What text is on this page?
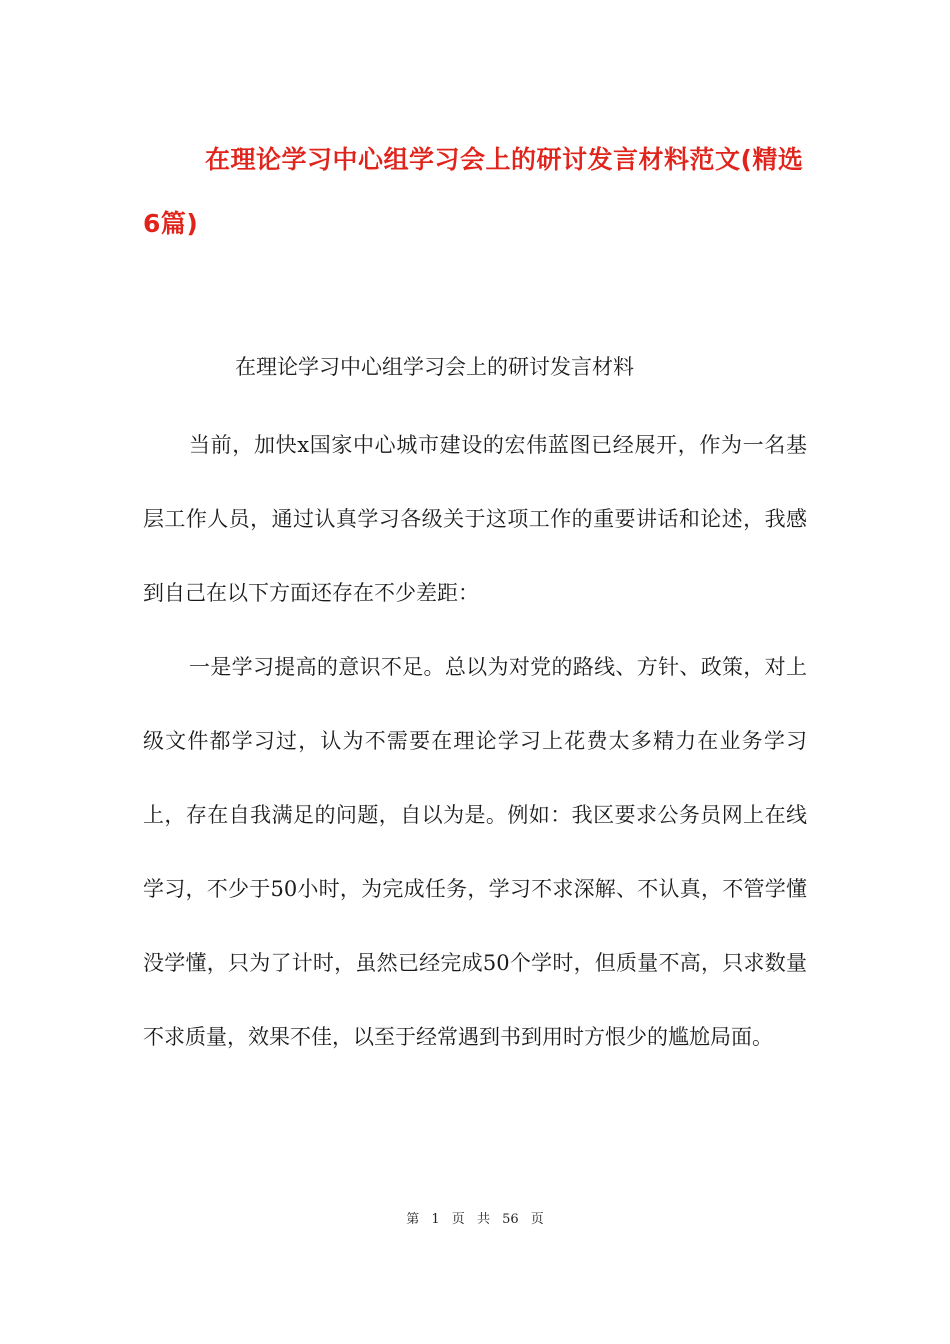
在理论学习中心组学习会上的研讨发言材料范文(精选6篇)

在理论学习中心组学习会上的研讨发言材料

当前，加快x国家中心城市建设的宏伟蓝图已经展开，作为一名基层工作人员，通过认真学习各级关于这项工作的重要讲话和论述，我感到自己在以下方面还存在不少差距：

一是学习提高的意识不足。总以为对党的路线、方针、政策，对上级文件都学习过，认为不需要在理论学习上花费太多精力在业务学习上，存在自我满足的问题，自以为是。例如：我区要求公务员网上在线学习，不少于50小时，为完成任务，学习不求深解、不认真，不管学懂没学懂，只为了计时，虽然已经完成50个学时，但质量不高，只求数量不求质量，效果不佳，以至于经常遇到书到用时方恨少的尴尬局面。

第 1 页 共 56 页
